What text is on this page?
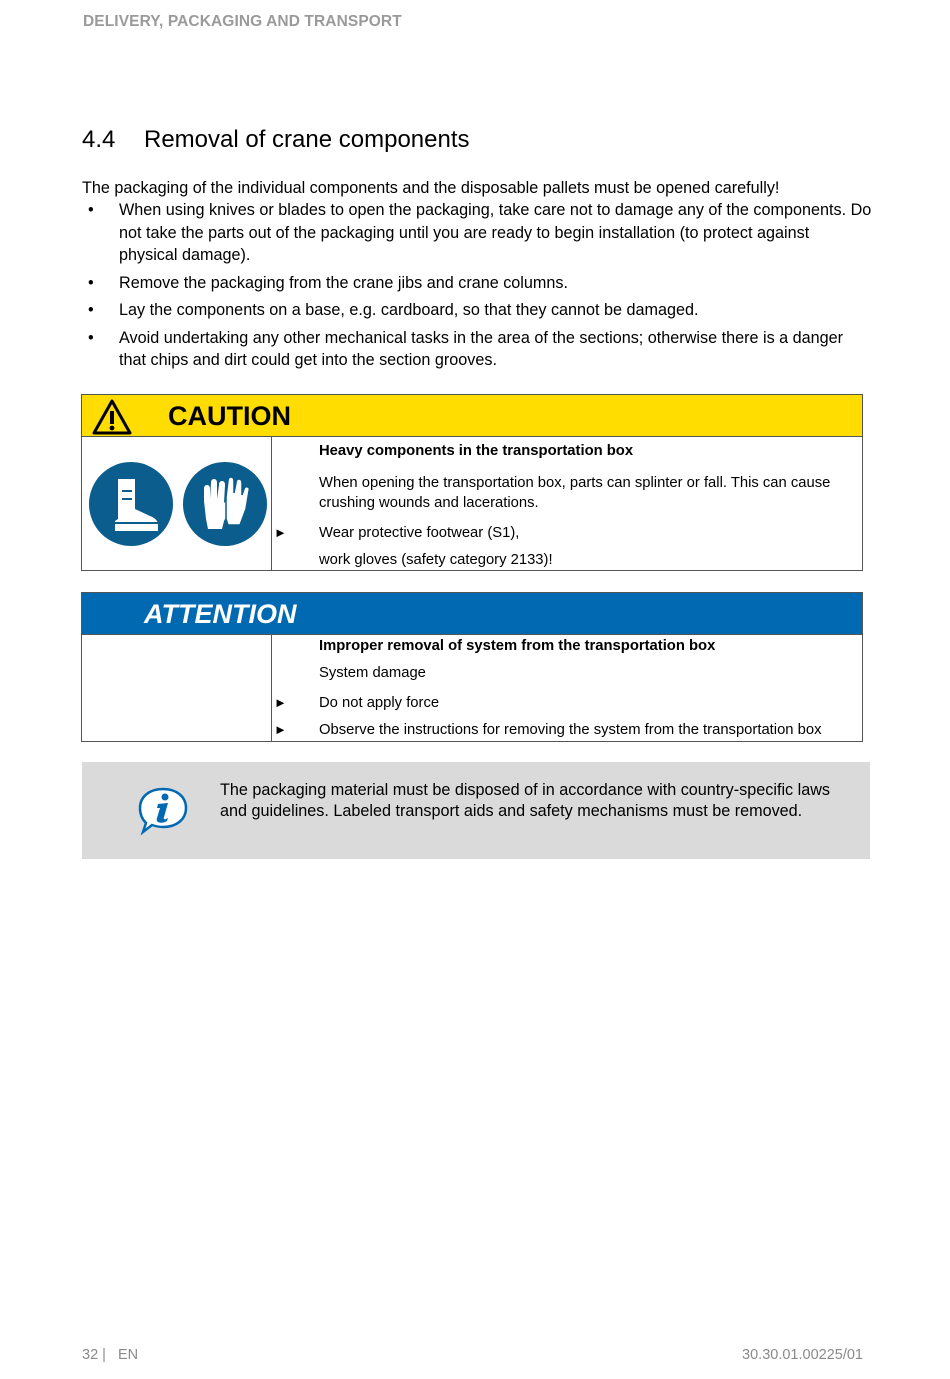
DELIVERY, PACKAGING AND TRANSPORT
4.4 Removal of crane components
The packaging of the individual components and the disposable pallets must be opened carefully!
• When using knives or blades to open the packaging, take care not to damage any of the components. Do not take the parts out of the packaging until you are ready to begin installation (to protect against physical damage).
• Remove the packaging from the crane jibs and crane columns.
• Lay the components on a base, e.g. cardboard, so that they cannot be damaged.
• Avoid undertaking any other mechanical tasks in the area of the sections; otherwise there is a danger that chips and dirt could get into the section grooves.
CAUTION
Heavy components in the transportation box
When opening the transportation box, parts can splinter or fall. This can cause crushing wounds and lacerations.
Wear protective footwear (S1),
work gloves (safety category 2133)!
►
ATTENTION
Improper removal of system from the transportation box
System damage
Do not apply force
Observe the instructions for removing the system from the transportation box
►
►
The packaging material must be disposed of in accordance with country-specific laws and guidelines. Labeled transport aids and safety mechanisms must be removed.
32 |   EN	30.30.01.00225/01
